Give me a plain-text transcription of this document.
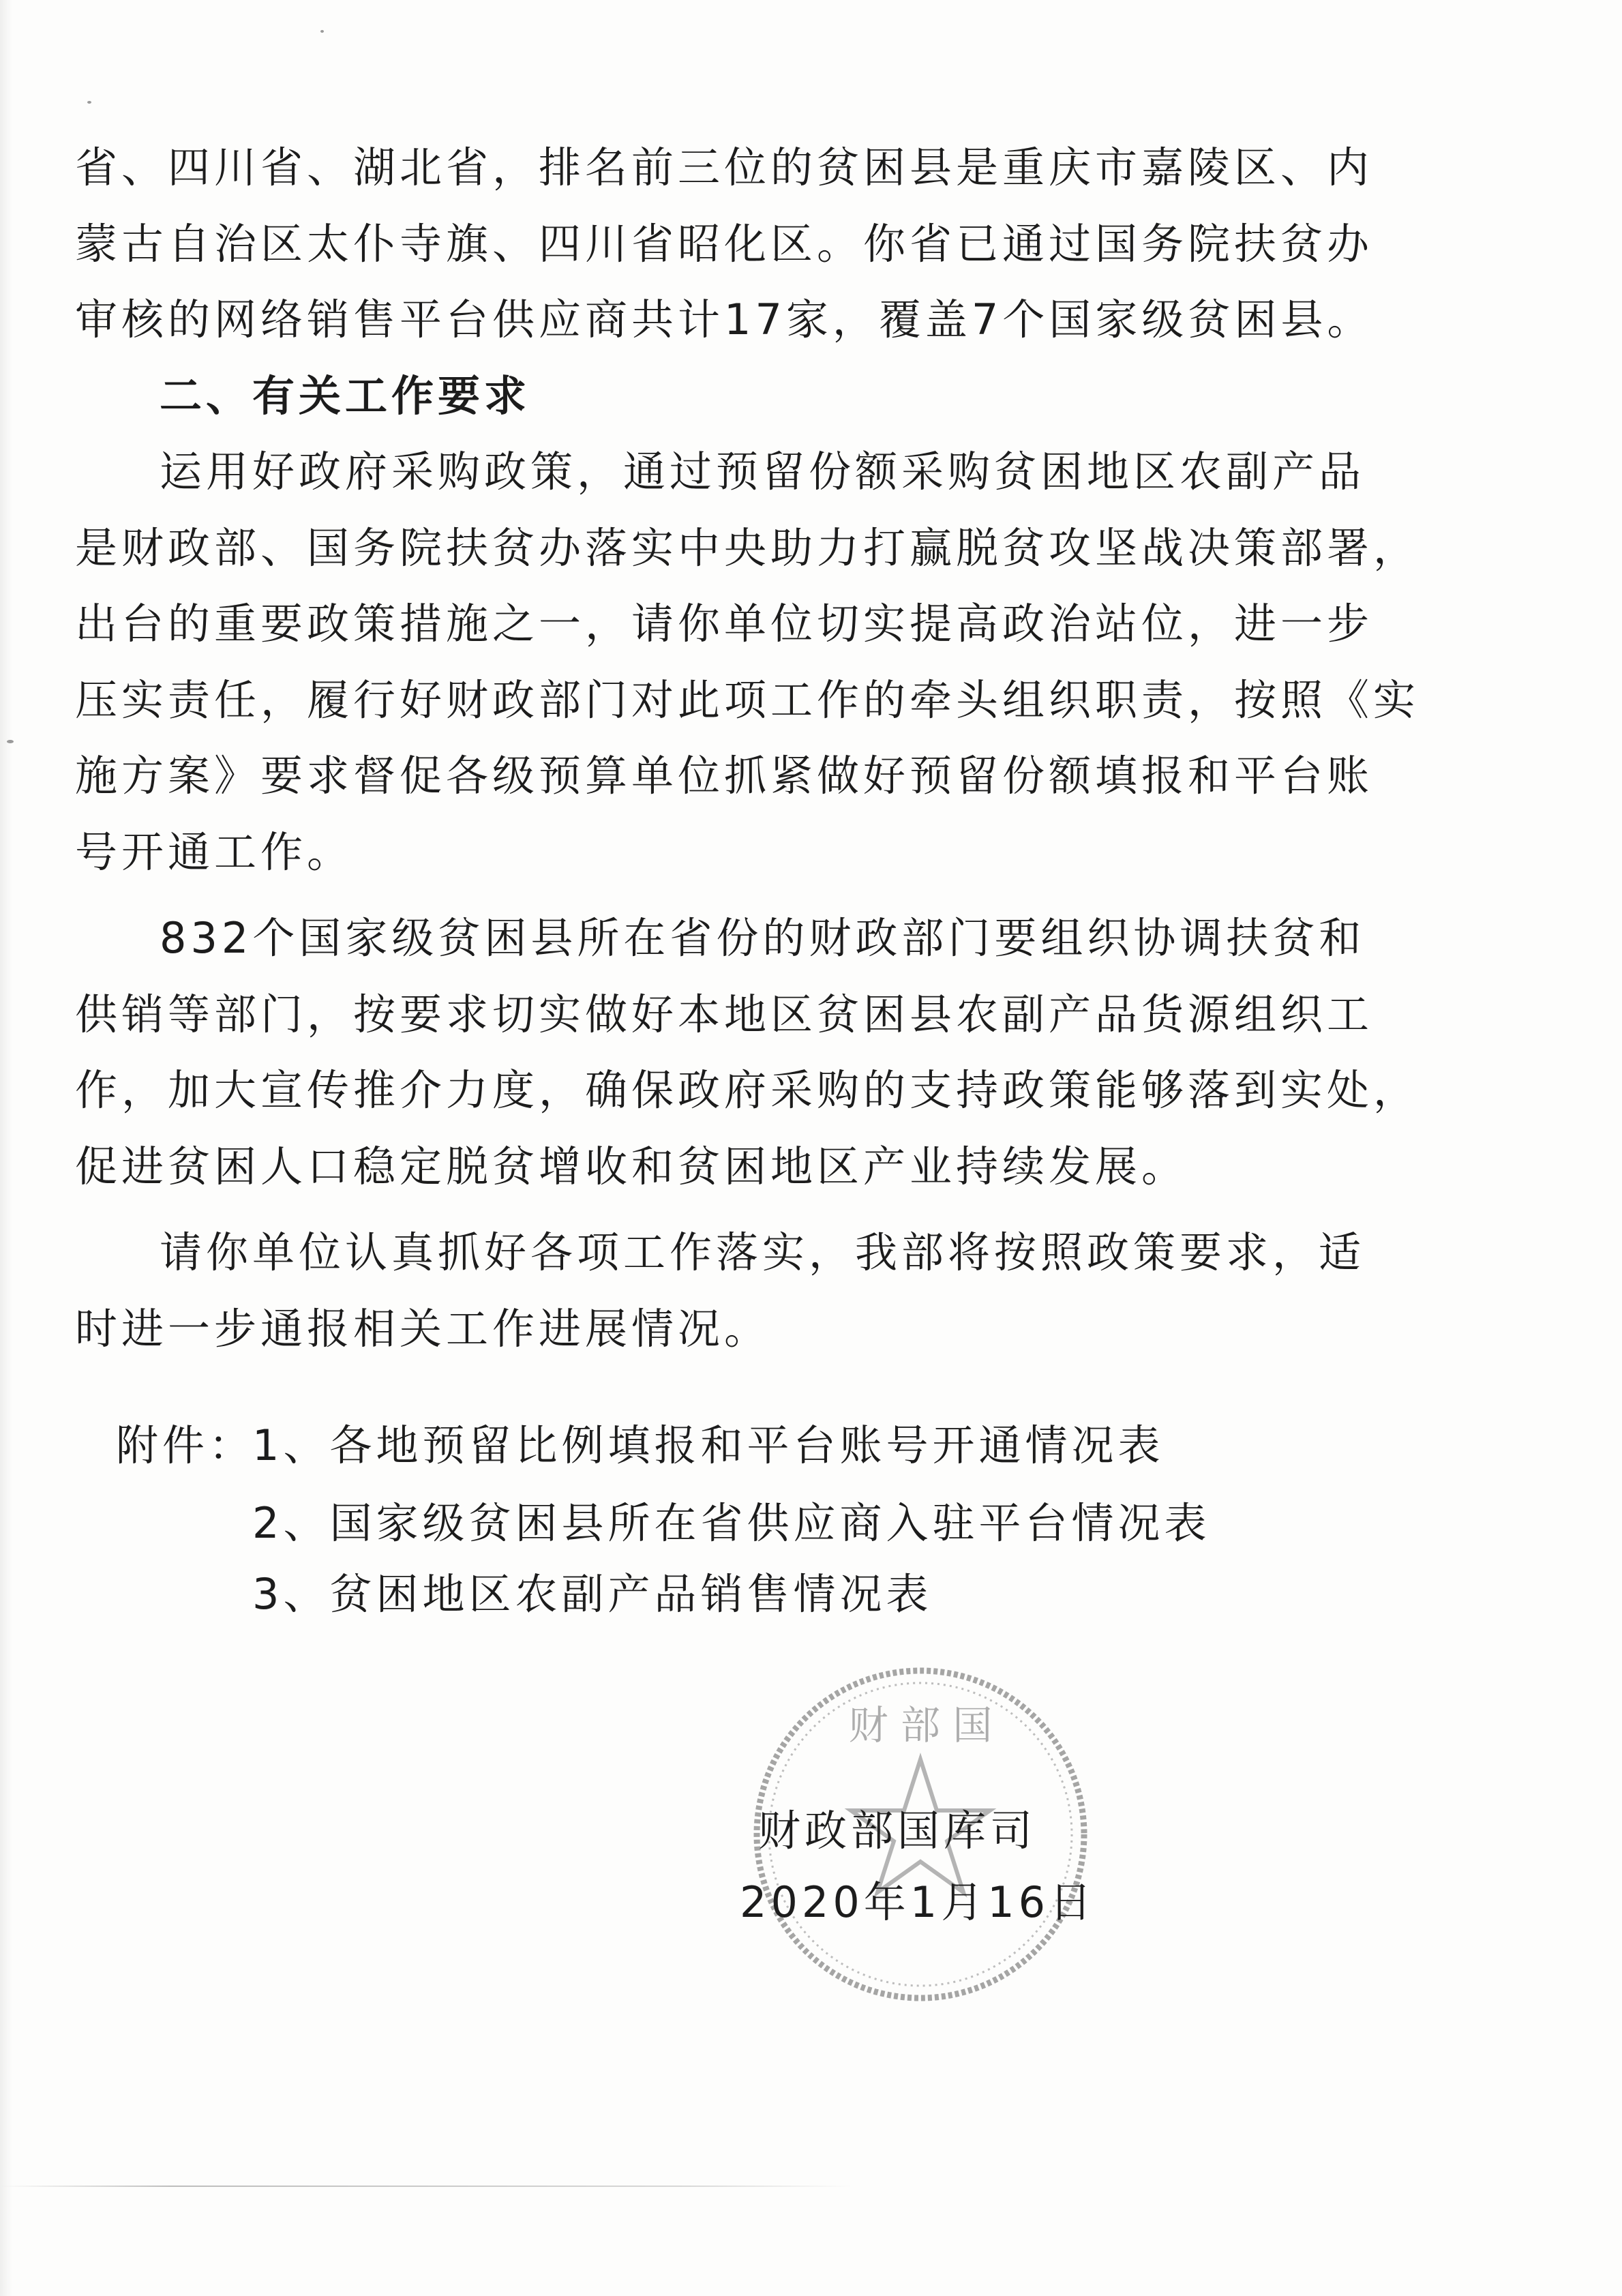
省、四川省、湖北省，排名前三位的贫困县是重庆市嘉陵区、内
蒙古自治区太仆寺旗、四川省昭化区。你省已通过国务院扶贫办
审核的网络销售平台供应商共计17家，覆盖7个国家级贫困县。
二、有关工作要求
运用好政府采购政策，通过预留份额采购贫困地区农副产品
是财政部、国务院扶贫办落实中央助力打赢脱贫攻坚战决策部署，
出台的重要政策措施之一，请你单位切实提高政治站位，进一步
压实责任，履行好财政部门对此项工作的牵头组织职责，按照《实
施方案》要求督促各级预算单位抓紧做好预留份额填报和平台账
号开通工作。
832个国家级贫困县所在省份的财政部门要组织协调扶贫和
供销等部门，按要求切实做好本地区贫困县农副产品货源组织工
作，加大宣传推介力度，确保政府采购的支持政策能够落到实处，
促进贫困人口稳定脱贫增收和贫困地区产业持续发展。
请你单位认真抓好各项工作落实，我部将按照政策要求，适
时进一步通报相关工作进展情况。
附件：1、各地预留比例填报和平台账号开通情况表
2、国家级贫困县所在省供应商入驻平台情况表
3、贫困地区农副产品销售情况表
财 部 国
财政部国库司
2020年1月16日
